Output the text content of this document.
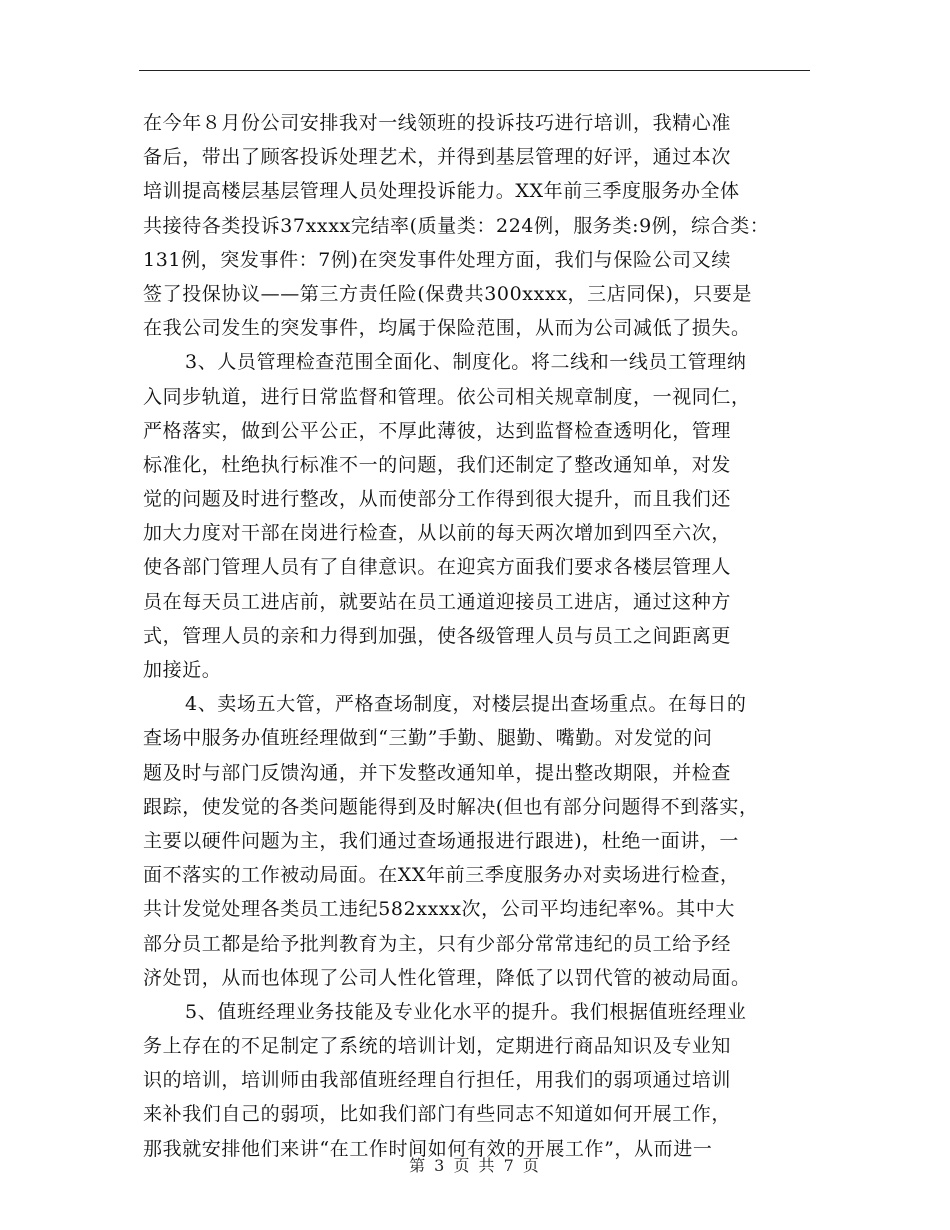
在今年８月份公司安排我对一线领班的投诉技巧进行培训，我精心准
备后，带出了顾客投诉处理艺术，并得到基层管理的好评，通过本次
培训提高楼层基层管理人员处理投诉能力。XX年前三季度服务办全体
共接待各类投诉37xxxx完结率(质量类：224例，服务类:9例，综合类：
131例，突发事件：7例)在突发事件处理方面，我们与保险公司又续
签了投保协议——第三方责任险(保费共300xxxx，三店同保)，只要是
在我公司发生的突发事件，均属于保险范围，从而为公司减低了损失。
3、人员管理检查范围全面化、制度化。将二线和一线员工管理纳
入同步轨道，进行日常监督和管理。依公司相关规章制度，一视同仁，
严格落实，做到公平公正，不厚此薄彼，达到监督检查透明化，管理
标准化，杜绝执行标准不一的问题，我们还制定了整改通知单，对发
觉的问题及时进行整改，从而使部分工作得到很大提升，而且我们还
加大力度对干部在岗进行检查，从以前的每天两次增加到四至六次，
使各部门管理人员有了自律意识。在迎宾方面我们要求各楼层管理人
员在每天员工进店前，就要站在员工通道迎接员工进店，通过这种方
式，管理人员的亲和力得到加强，使各级管理人员与员工之间距离更
加接近。
4、卖场五大管，严格查场制度，对楼层提出查场重点。在每日的
查场中服务办值班经理做到“三勤”手勤、腿勤、嘴勤。对发觉的问
题及时与部门反馈沟通，并下发整改通知单，提出整改期限，并检查
跟踪，使发觉的各类问题能得到及时解决(但也有部分问题得不到落实，
主要以硬件问题为主，我们通过查场通报进行跟进)，杜绝一面讲，一
面不落实的工作被动局面。在XX年前三季度服务办对卖场进行检查，
共计发觉处理各类员工违纪582xxxx次，公司平均违纪率%。其中大
部分员工都是给予批判教育为主，只有少部分常常违纪的员工给予经
济处罚，从而也体现了公司人性化管理，降低了以罚代管的被动局面。
5、值班经理业务技能及专业化水平的提升。我们根据值班经理业
务上存在的不足制定了系统的培训计划，定期进行商品知识及专业知
识的培训，培训师由我部值班经理自行担任，用我们的弱项通过培训
来补我们自己的弱项，比如我们部门有些同志不知道如何开展工作，
那我就安排他们来讲“在工作时间如何有效的开展工作”，从而进一
第 3 页 共 7 页
